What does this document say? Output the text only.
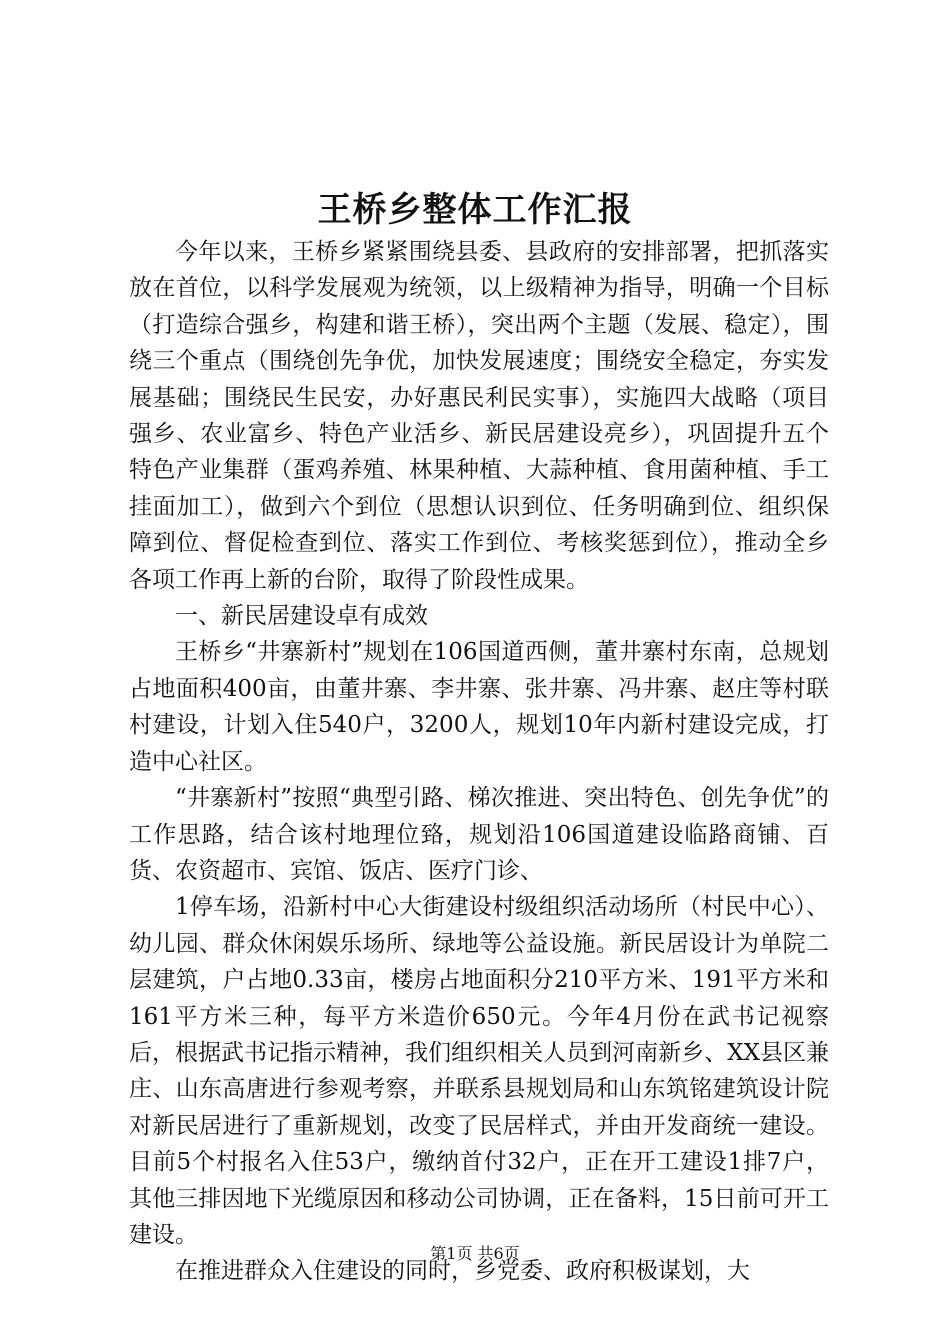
王桥乡整体工作汇报

今年以来，王桥乡紧紧围绕县委、县政府的安排部署，把抓落实放在首位，以科学发展观为统领，以上级精神为指导，明确一个目标（打造综合强乡，构建和谐王桥），突出两个主题（发展、稳定），围绕三个重点（围绕创先争优，加快发展速度；围绕安全稳定，夯实发展基础；围绕民生民安，办好惠民利民实事），实施四大战略（项目强乡、农业富乡、特色产业活乡、新民居建设亮乡），巩固提升五个特色产业集群（蛋鸡养殖、林果种植、大蒜种植、食用菌种植、手工挂面加工），做到六个到位（思想认识到位、任务明确到位、组织保障到位、督促检查到位、落实工作到位、考核奖惩到位），推动全乡各项工作再上新的台阶，取得了阶段性成果。

一、新民居建设卓有成效

王桥乡“井寨新村”规划在106国道西侧，董井寨村东南，总规划占地面积400亩，由董井寨、李井寨、张井寨、冯井寨、赵庄等村联村建设，计划入住540户，3200人，规划10年内新村建设完成，打造中心社区。

“井寨新村”按照“典型引路、梯次推进、突出特色、创先争优”的工作思路，结合该村地理位臵，规划沿106国道建设临路商铺、百货、农资超市、宾馆、饭店、医疗门诊、

1停车场，沿新村中心大街建设村级组织活动场所（村民中心）、幼儿园、群众休闲娱乐场所、绿地等公益设施。新民居设计为单院二层建筑，户占地0.33亩，楼房占地面积分210平方米、191平方米和161平方米三种，每平方米造价650元。今年4月份在武书记视察后，根据武书记指示精神，我们组织相关人员到河南新乡、XX县区兼庄、山东高唐进行参观考察，并联系县规划局和山东筑铭建筑设计院对新民居进行了重新规划，改变了民居样式，并由开发商统一建设。目前5个村报名入住53户，缴纳首付32户，正在开工建设1排7户，其他三排因地下光缆原因和移动公司协调，正在备料，15日前可开工建设。

在推进群众入住建设的同时，乡党委、政府积极谋划，大

第1页 共6页
